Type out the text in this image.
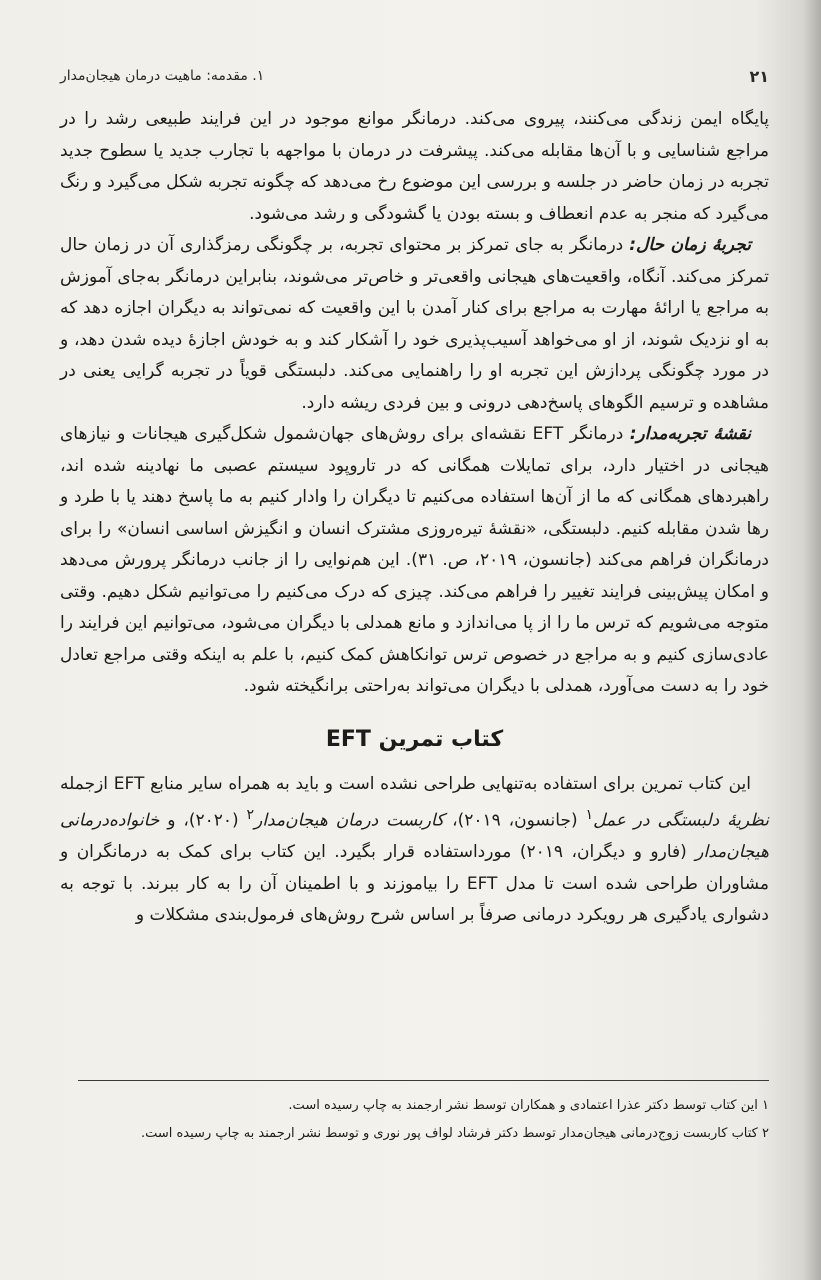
۲۱
۱. مقدمه: ماهیت درمان هیجان‌مدار

پایگاه ایمن زندگی می‌کنند، پیروی می‌کند. درمانگر موانع موجود در این فرایند طبیعی رشد را در مراجع شناسایی و با آن‌ها مقابله می‌کند. پیشرفت در درمان با مواجهه با تجارب جدید یا سطوح جدید تجربه در زمان حاضر در جلسه و بررسی این موضوع رخ می‌دهد که چگونه تجربه شکل می‌گیرد و رنگ می‌گیرد که منجر به عدم انعطاف و بسته بودن یا گشودگی و رشد می‌شود.

تجربهٔ زمان حال: درمانگر به جای تمرکز بر محتوای تجربه، بر چگونگی رمزگذاری آن در زمان حال تمرکز می‌کند. آنگاه، واقعیت‌های هیجانی واقعی‌تر و خاص‌تر می‌شوند، بنابراین درمانگر به‌جای آموزش به مراجع یا ارائهٔ مهارت به مراجع برای کنار آمدن با این واقعیت که نمی‌تواند به دیگران اجازه دهد که به او نزدیک شوند، از او می‌خواهد آسیب‌پذیری خود را آشکار کند و به خودش اجازهٔ دیده شدن دهد، و در مورد چگونگی پردازش این تجربه او را راهنمایی می‌کند. دلبستگی قویاً در تجربه گرایی یعنی در مشاهده و ترسیم الگوهای پاسخ‌دهی درونی و بین فردی ریشه دارد.

نقشهٔ تجربه‌مدار: درمانگر EFT نقشه‌ای برای روش‌های جهان‌شمول شکل‌گیری هیجانات و نیازهای هیجانی در اختیار دارد، برای تمایلات همگانی که در تاروپود سیستم عصبی ما نهادینه شده اند، راهبردهای همگانی که ما از آن‌ها استفاده می‌کنیم تا دیگران را وادار کنیم به ما پاسخ دهند یا با طرد و رها شدن مقابله کنیم. دلبستگی، «نقشهٔ تیره‌روزی مشترک انسان و انگیزش اساسی انسان» را برای درمانگران فراهم می‌کند (جانسون، ۲۰۱۹، ص. ۳۱). این هم‌نوایی را از جانب درمانگر پرورش می‌دهد و امکان پیش‌بینی فرایند تغییر را فراهم می‌کند. چیزی که درک می‌کنیم را می‌توانیم شکل دهیم. وقتی متوجه می‌شویم که ترس ما را از پا می‌اندازد و مانع همدلی با دیگران می‌شود، می‌توانیم این فرایند را عادی‌سازی کنیم و به مراجع در خصوص ترس توانکاهش کمک کنیم، با علم به اینکه وقتی مراجع تعادل خود را به دست می‌آورد، همدلی با دیگران می‌تواند به‌راحتی برانگیخته شود.

کتاب تمرین EFT

این کتاب تمرین برای استفاده به‌تنهایی طراحی نشده است و باید به همراه سایر منابع EFT ازجمله نظریهٔ دلبستگی در عمل$^۱$ (جانسون، ۲۰۱۹)، کاربست درمان هیجان‌مدار$^۲$ (۲۰۲۰)، و خانواده‌درمانی هیجان‌مدار (فارو و دیگران، ۲۰۱۹) مورداستفاده قرار بگیرد. این کتاب برای کمک به درمانگران و مشاوران طراحی شده است تا مدل EFT را بیاموزند و با اطمینان آن را به کار ببرند. با توجه به دشواری یادگیری هر رویکرد درمانی صرفاً بر اساس شرح روش‌های فرمول‌بندی مشکلات و

۱ این کتاب توسط دکتر عذرا اعتمادی و همکاران توسط نشر ارجمند به چاپ رسیده است.

۲ کتاب کاربست زوج‌درمانی هیجان‌مدار توسط دکتر فرشاد لواف پور نوری و توسط نشر ارجمند به چاپ رسیده است.
